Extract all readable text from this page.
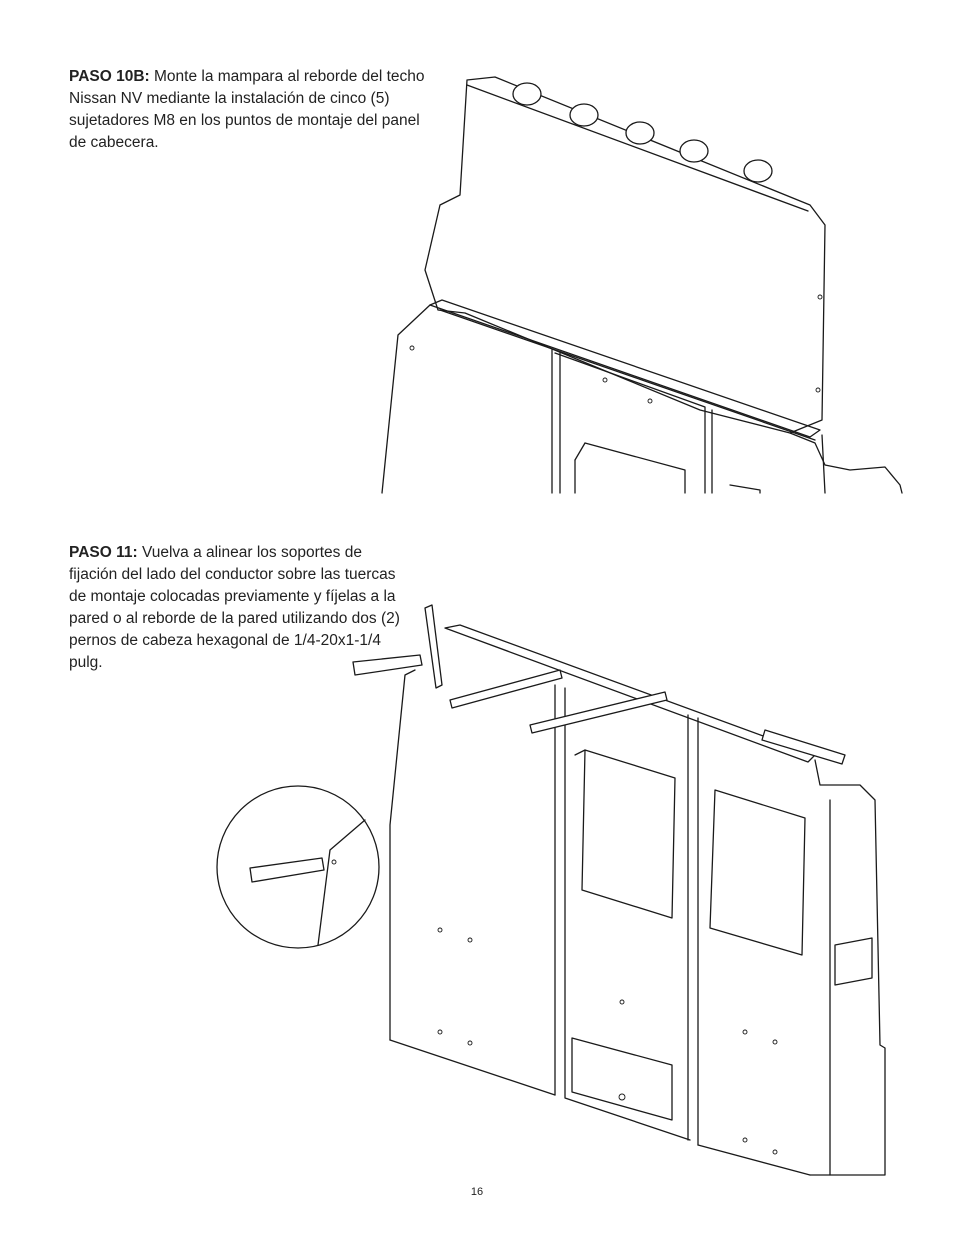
PASO 10B: Monte la mampara al reborde del techo Nissan NV mediante la instalación de cinco (5) sujetadores M8 en los puntos de montaje del panel de cabecera.

PASO 11: Vuelva a alinear los soportes de fijación del lado del conductor sobre las tuercas de montaje colocadas previamente y fíjelas a la pared o al reborde de la pared utilizando dos (2) pernos de cabeza hexagonal de 1/4-20x1-1/4 pulg.

16
